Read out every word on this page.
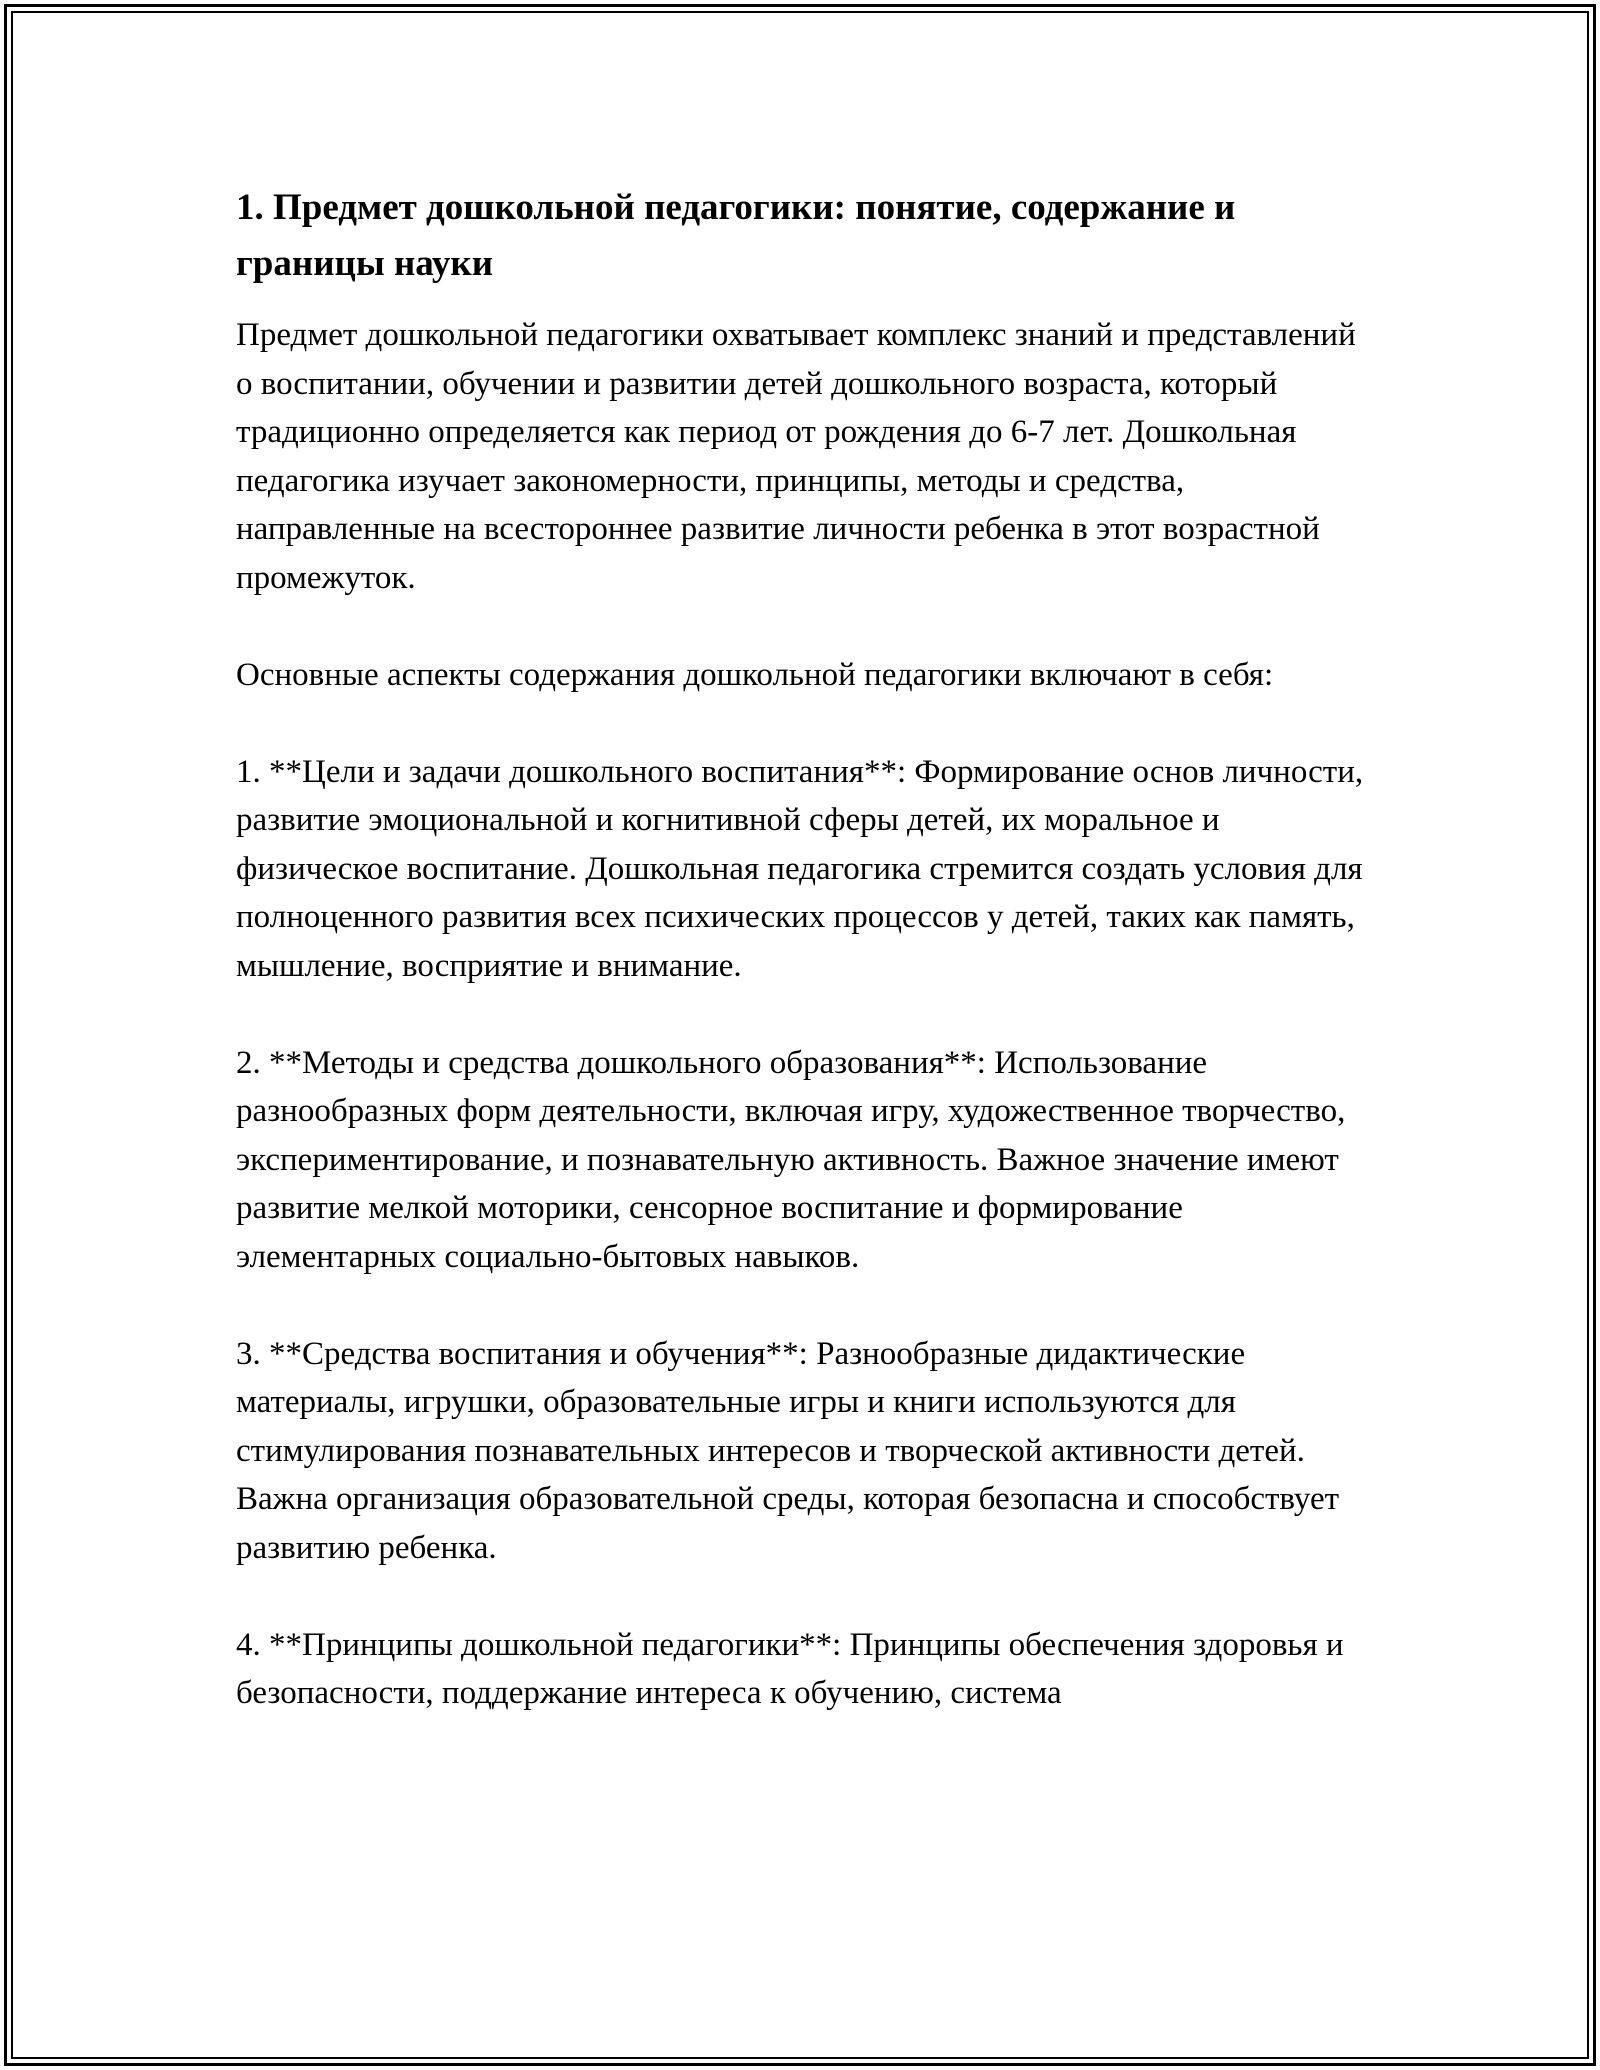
1. Предмет дошкольной педагогики: понятие, содержание и границы науки

Предмет дошкольной педагогики охватывает комплекс знаний и представлений о воспитании, обучении и развитии детей дошкольного возраста, который традиционно определяется как период от рождения до 6-7 лет. Дошкольная педагогика изучает закономерности, принципы, методы и средства, направленные на всестороннее развитие личности ребенка в этот возрастной промежуток.

Основные аспекты содержания дошкольной педагогики включают в себя:

1. **Цели и задачи дошкольного воспитания**: Формирование основ личности, развитие эмоциональной и когнитивной сферы детей, их моральное и физическое воспитание. Дошкольная педагогика стремится создать условия для полноценного развития всех психических процессов у детей, таких как память, мышление, восприятие и внимание.

2. **Методы и средства дошкольного образования**: Использование разнообразных форм деятельности, включая игру, художественное творчество, экспериментирование, и познавательную активность. Важное значение имеют развитие мелкой моторики, сенсорное воспитание и формирование элементарных социально-бытовых навыков.

3. **Средства воспитания и обучения**: Разнообразные дидактические материалы, игрушки, образовательные игры и книги используются для стимулирования познавательных интересов и творческой активности детей. Важна организация образовательной среды, которая безопасна и способствует развитию ребенка.

4. **Принципы дошкольной педагогики**: Принципы обеспечения здоровья и безопасности, поддержание интереса к обучению, система
